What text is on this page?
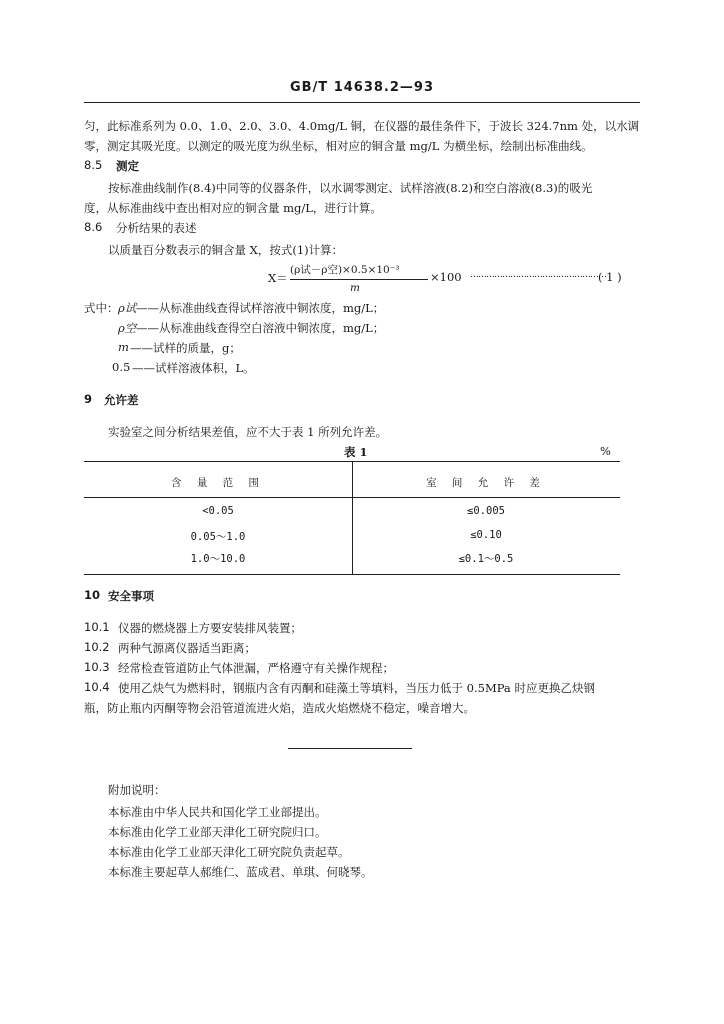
GB/T 14638.2—93
匀，此标准系列为 0.0、1.0、2.0、3.0、4.0mg/L 铜，在仪器的最佳条件下，于波长 324.7nm 处，以水调
零，测定其吸光度。以测定的吸光度为纵坐标，相对应的铜含量 mg/L 为横坐标，绘制出标准曲线。
8.5 测定
按标准曲线制作(8.4)中同等的仪器条件，以水调零测定、试样溶液(8.2)和空白溶液(8.3)的吸光
度，从标准曲线中查出相对应的铜含量 mg/L，进行计算。
8.6 分析结果的表述
以质量百分数表示的铜含量 X，按式(1)计算：
X＝
(ρ试－ρ空)×0.5×10⁻³
m
×100 ……………………………………………
( 1 )
式中： ρ试 ——从标准曲线查得试样溶液中铜浓度，mg/L；
ρ空 ——从标准曲线查得空白溶液中铜浓度，mg/L；
m ——试样的质量，g；
0.5 ——试样溶液体积，L。
9 允许差
实验室之间分析结果差值，应不大于表 1 所列允许差。
表 1	%
含 量 范 围	室 间 允 许 差
<0.05	≤0.005
0.05～1.0	≤0.10
1.0～10.0	≤0.1～0.5
10 安全事项
10.1 仪器的燃烧器上方要安装排风装置；
10.2 两种气源离仪器适当距离；
10.3 经常检查管道防止气体泄漏，严格遵守有关操作规程；
10.4 使用乙炔气为燃料时，钢瓶内含有丙酮和硅藻土等填料，当压力低于 0.5MPa 时应更换乙炔钢
瓶，防止瓶内丙酮等物会沿管道流进火焰，造成火焰燃烧不稳定，噪音增大。
附加说明：
本标准由中华人民共和国化学工业部提出。
本标准由化学工业部天津化工研究院归口。
本标准由化学工业部天津化工研究院负责起草。
本标准主要起草人郝维仁、蓝成君、单琪、何晓琴。
